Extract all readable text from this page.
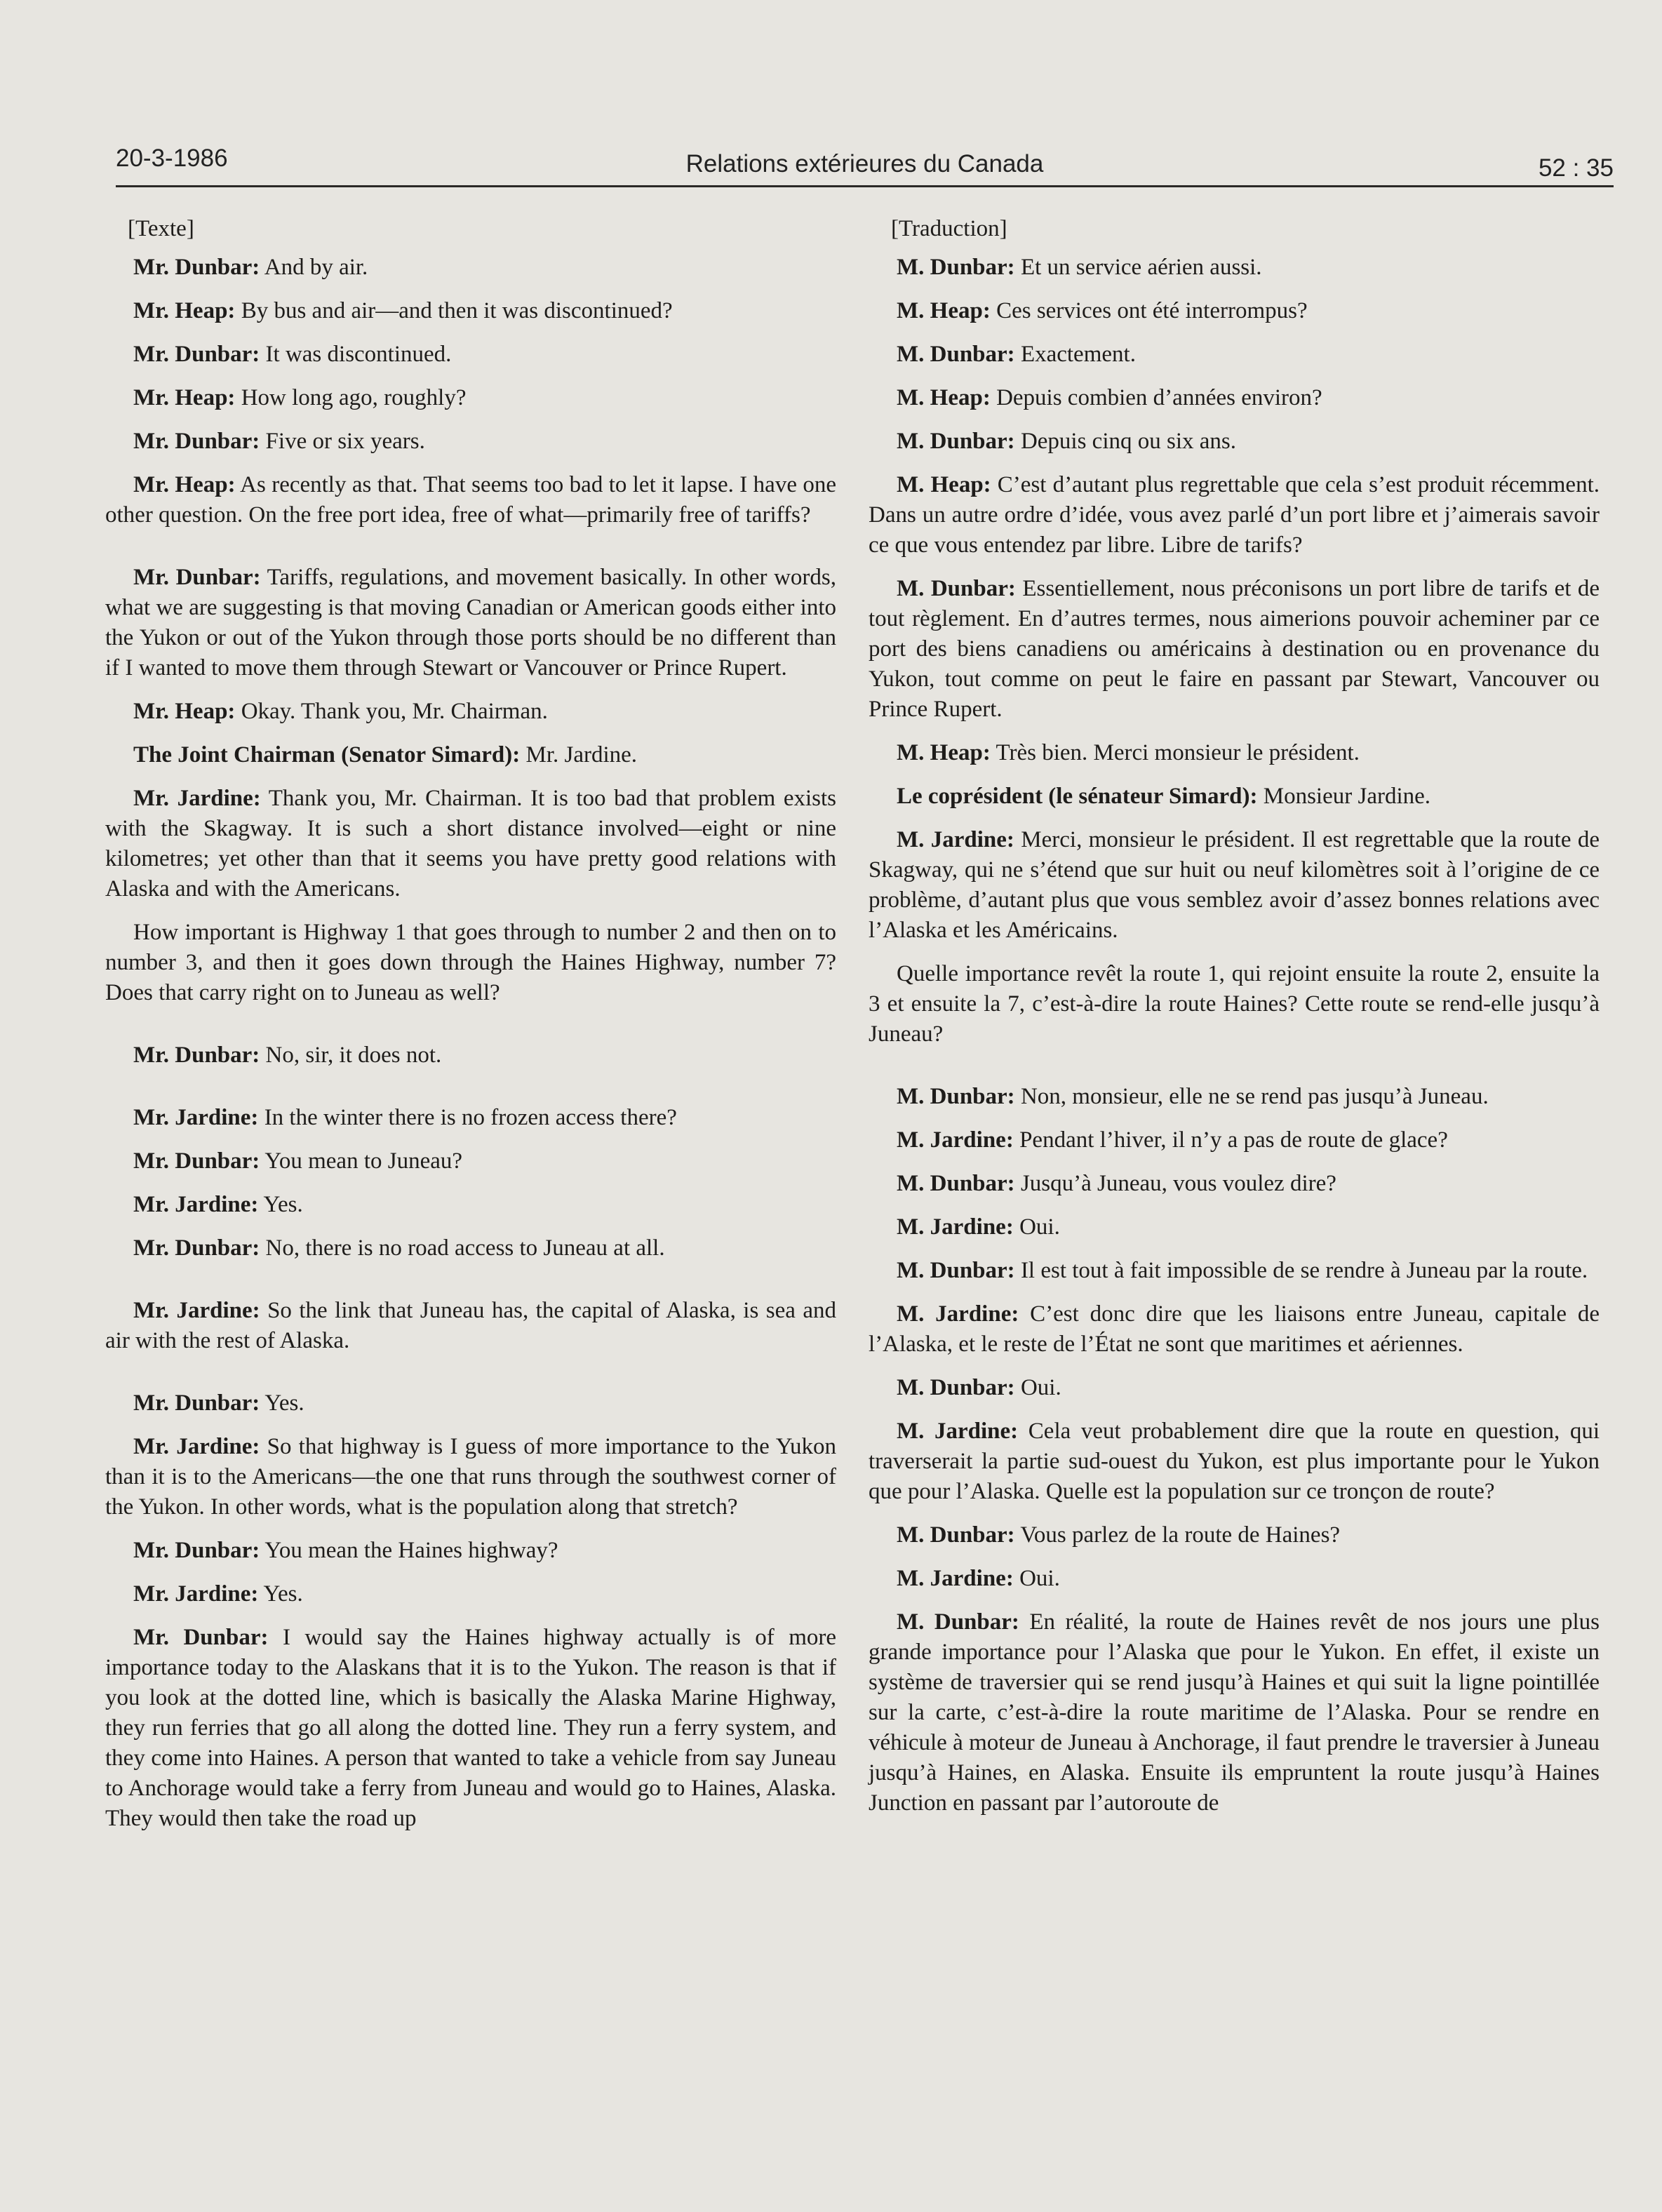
20-3-1986	Relations extérieures du Canada	52 : 35
[Texte]

Mr. Dunbar: And by air.

Mr. Heap: By bus and air—and then it was discontinued?

Mr. Dunbar: It was discontinued.

Mr. Heap: How long ago, roughly?

Mr. Dunbar: Five or six years.

Mr. Heap: As recently as that. That seems too bad to let it lapse. I have one other question. On the free port idea, free of what—primarily free of tariffs?

Mr. Dunbar: Tariffs, regulations, and movement basically. In other words, what we are suggesting is that moving Canadian or American goods either into the Yukon or out of the Yukon through those ports should be no different than if I wanted to move them through Stewart or Vancouver or Prince Rupert.

Mr. Heap: Okay. Thank you, Mr. Chairman.

The Joint Chairman (Senator Simard): Mr. Jardine.

Mr. Jardine: Thank you, Mr. Chairman. It is too bad that problem exists with the Skagway. It is such a short distance involved—eight or nine kilometres; yet other than that it seems you have pretty good relations with Alaska and with the Americans.

How important is Highway 1 that goes through to number 2 and then on to number 3, and then it goes down through the Haines Highway, number 7? Does that carry right on to Juneau as well?

Mr. Dunbar: No, sir, it does not.

Mr. Jardine: In the winter there is no frozen access there?

Mr. Dunbar: You mean to Juneau?

Mr. Jardine: Yes.

Mr. Dunbar: No, there is no road access to Juneau at all.

Mr. Jardine: So the link that Juneau has, the capital of Alaska, is sea and air with the rest of Alaska.

Mr. Dunbar: Yes.

Mr. Jardine: So that highway is I guess of more importance to the Yukon than it is to the Americans—the one that runs through the southwest corner of the Yukon. In other words, what is the population along that stretch?

Mr. Dunbar: You mean the Haines highway?

Mr. Jardine: Yes.

Mr. Dunbar: I would say the Haines highway actually is of more importance today to the Alaskans that it is to the Yukon. The reason is that if you look at the dotted line, which is basically the Alaska Marine Highway, they run ferries that go all along the dotted line. They run a ferry system, and they come into Haines. A person that wanted to take a vehicle from say Juneau to Anchorage would take a ferry from Juneau and would go to Haines, Alaska. They would then take the road up

[Traduction]

M. Dunbar: Et un service aérien aussi.

M. Heap: Ces services ont été interrompus?

M. Dunbar: Exactement.

M. Heap: Depuis combien d’années environ?

M. Dunbar: Depuis cinq ou six ans.

M. Heap: C’est d’autant plus regrettable que cela s’est produit récemment. Dans un autre ordre d’idée, vous avez parlé d’un port libre et j’aimerais savoir ce que vous entendez par libre. Libre de tarifs?

M. Dunbar: Essentiellement, nous préconisons un port libre de tarifs et de tout règlement. En d’autres termes, nous aimerions pouvoir acheminer par ce port des biens canadiens ou américains à destination ou en provenance du Yukon, tout comme on peut le faire en passant par Stewart, Vancouver ou Prince Rupert.

M. Heap: Très bien. Merci monsieur le président.

Le coprésident (le sénateur Simard): Monsieur Jardine.

M. Jardine: Merci, monsieur le président. Il est regrettable que la route de Skagway, qui ne s’étend que sur huit ou neuf kilomètres soit à l’origine de ce problème, d’autant plus que vous semblez avoir d’assez bonnes relations avec l’Alaska et les Américains.

Quelle importance revêt la route 1, qui rejoint ensuite la route 2, ensuite la 3 et ensuite la 7, c’est-à-dire la route Haines? Cette route se rend-elle jusqu’à Juneau?

M. Dunbar: Non, monsieur, elle ne se rend pas jusqu’à Juneau.

M. Jardine: Pendant l’hiver, il n’y a pas de route de glace?

M. Dunbar: Jusqu’à Juneau, vous voulez dire?

M. Jardine: Oui.

M. Dunbar: Il est tout à fait impossible de se rendre à Juneau par la route.

M. Jardine: C’est donc dire que les liaisons entre Juneau, capitale de l’Alaska, et le reste de l’État ne sont que maritimes et aériennes.

M. Dunbar: Oui.

M. Jardine: Cela veut probablement dire que la route en question, qui traverserait la partie sud-ouest du Yukon, est plus importante pour le Yukon que pour l’Alaska. Quelle est la population sur ce tronçon de route?

M. Dunbar: Vous parlez de la route de Haines?

M. Jardine: Oui.

M. Dunbar: En réalité, la route de Haines revêt de nos jours une plus grande importance pour l’Alaska que pour le Yukon. En effet, il existe un système de traversier qui se rend jusqu’à Haines et qui suit la ligne pointillée sur la carte, c’est-à-dire la route maritime de l’Alaska. Pour se rendre en véhicule à moteur de Juneau à Anchorage, il faut prendre le traversier à Juneau jusqu’à Haines, en Alaska. Ensuite ils empruntent la route jusqu’à Haines Junction en passant par l’autoroute de
